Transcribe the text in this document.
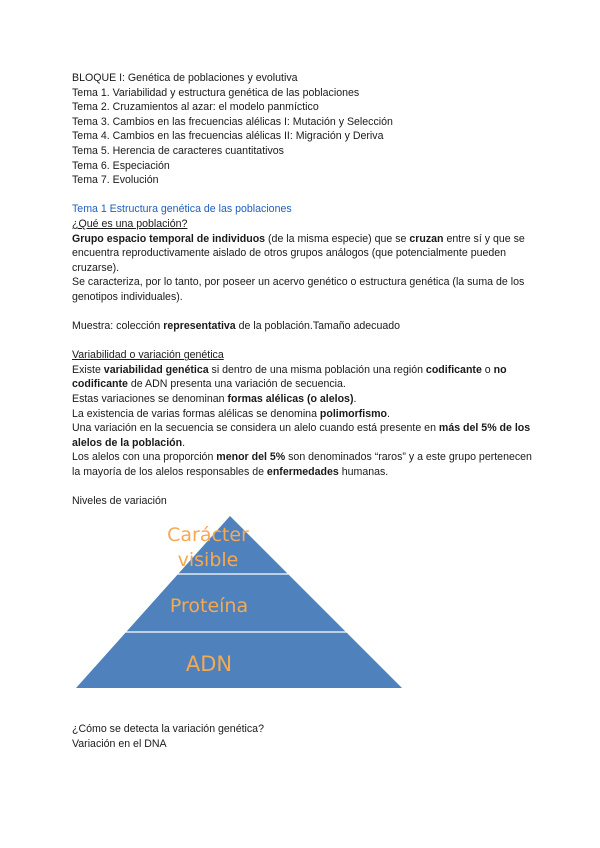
BLOQUE I: Genética de poblaciones y evolutiva

Tema 1. Variabilidad y estructura genética de las poblaciones

Tema 2. Cruzamientos al azar: el modelo panmíctico

Tema 3. Cambios en las frecuencias alélicas I: Mutación y Selección

Tema 4. Cambios en las frecuencias alélicas II: Migración y Deriva

Tema 5. Herencia de caracteres cuantitativos

Tema 6. Especiación

Tema 7. Evolución

Tema 1 Estructura genética de las poblaciones

¿Qué es una población?

Grupo espacio temporal de individuos (de la misma especie) que se cruzan entre sí y que se encuentra reproductivamente aislado de otros grupos análogos (que potencialmente pueden cruzarse).

Se caracteriza, por lo tanto, por poseer un acervo genético o estructura genética (la suma de los genotipos individuales).

Muestra: colección representativa de la población.Tamaño adecuado

Variabilidad o variación genética

Existe variabilidad genética si dentro de una misma población una región codificante o no codificante de ADN presenta una variación de secuencia.

Estas variaciones se denominan formas alélicas (o alelos).

La existencia de varias formas alélicas se denomina polimorfismo.

Una variación en la secuencia se considera un alelo cuando está presente en más del 5% de los alelos de la población.

Los alelos con una proporción menor del 5% son denominados “raros” y a este grupo pertenecen la mayoría de los alelos responsables de enfermedades humanas.

Niveles de variación

Carácter
visible
Proteína
ADN

¿Cómo se detecta la variación genética?

Variación en el DNA
